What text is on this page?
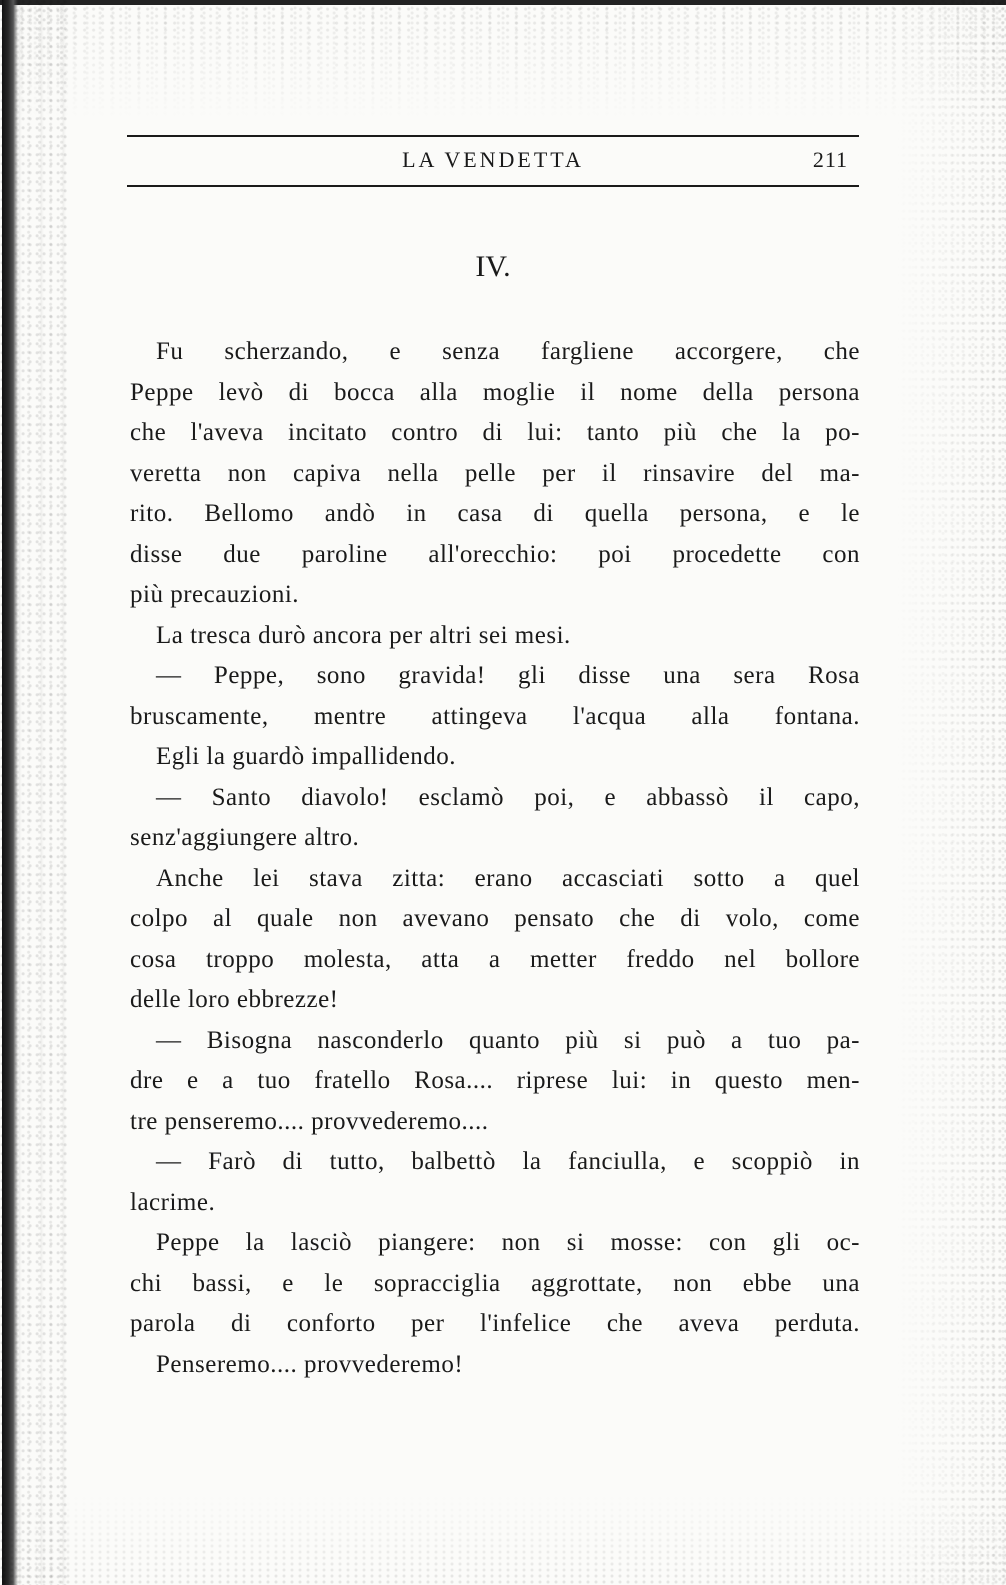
LA VENDETTA	211
IV.
Fu scherzando, e senza fargliene accorgere, che
Peppe levò di bocca alla moglie il nome della persona
che l'aveva incitato contro di lui: tanto più che la po-
veretta non capiva nella pelle per il rinsavire del ma-
rito. Bellomo andò in casa di quella persona, e le
disse due paroline all'orecchio: poi procedette con
più precauzioni.
La tresca durò ancora per altri sei mesi.
— Peppe, sono gravida! gli disse una sera Rosa
bruscamente, mentre attingeva l'acqua alla fontana.
Egli la guardò impallidendo.
— Santo diavolo! esclamò poi, e abbassò il capo,
senz'aggiungere altro.
Anche lei stava zitta: erano accasciati sotto a quel
colpo al quale non avevano pensato che di volo, come
cosa troppo molesta, atta a metter freddo nel bollore
delle loro ebbrezze!
— Bisogna nasconderlo quanto più si può a tuo pa-
dre e a tuo fratello Rosa.... riprese lui: in questo men-
tre penseremo.... provvederemo....
— Farò di tutto, balbettò la fanciulla, e scoppiò in
lacrime.
Peppe la lasciò piangere: non si mosse: con gli oc-
chi bassi, e le sopracciglia aggrottate, non ebbe una
parola di conforto per l'infelice che aveva perduta.
Penseremo.... provvederemo!
